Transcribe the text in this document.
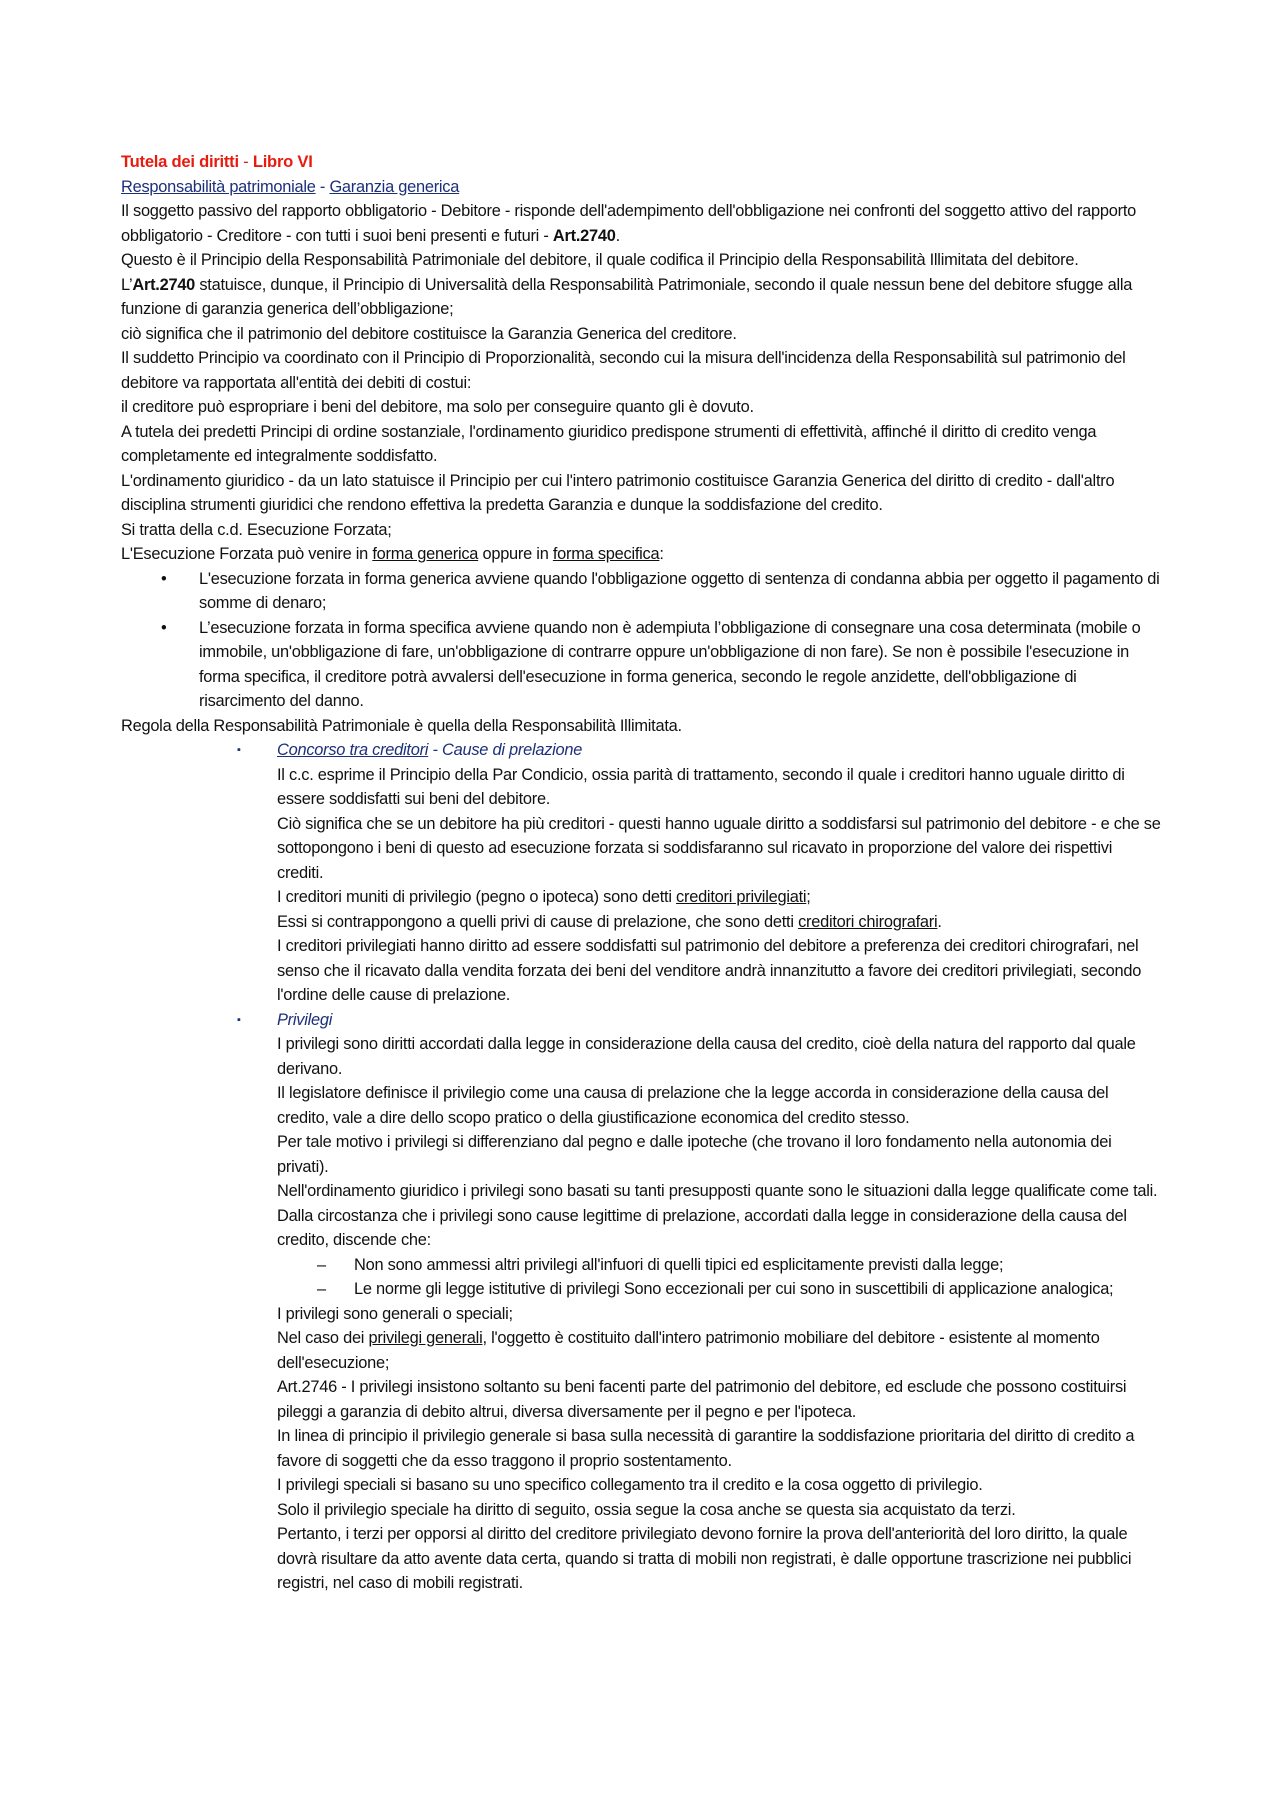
Tutela dei diritti - Libro VI

Responsabilità patrimoniale - Garanzia generica

Il soggetto passivo del rapporto obbligatorio - Debitore - risponde dell'adempimento dell'obbligazione nei confronti del soggetto attivo del rapporto obbligatorio - Creditore - con tutti i suoi beni presenti e futuri - Art.2740.

Questo è il Principio della Responsabilità Patrimoniale del debitore, il quale codifica il Principio della Responsabilità Illimitata del debitore.

L’Art.2740 statuisce, dunque, il Principio di Universalità della Responsabilità Patrimoniale, secondo il quale nessun bene del debitore sfugge alla funzione di garanzia generica dell’obbligazione;

ciò significa che il patrimonio del debitore costituisce la Garanzia Generica del creditore.

Il suddetto Principio va coordinato con il Principio di Proporzionalità, secondo cui la misura dell'incidenza della Responsabilità sul patrimonio del debitore va rapportata all'entità dei debiti di costui:

il creditore può espropriare i beni del debitore, ma solo per conseguire quanto gli è dovuto.

A tutela dei predetti Principi di ordine sostanziale, l'ordinamento giuridico predispone strumenti di effettività, affinché il diritto di credito venga completamente ed integralmente soddisfatto.

L'ordinamento giuridico - da un lato statuisce il Principio per cui l'intero patrimonio costituisce Garanzia Generica del diritto di credito - dall'altro disciplina strumenti giuridici che rendono effettiva la predetta Garanzia e dunque la soddisfazione del credito.

Si tratta della c.d. Esecuzione Forzata;

L'Esecuzione Forzata può venire in forma generica oppure in forma specifica:

• L'esecuzione forzata in forma generica avviene quando l'obbligazione oggetto di sentenza di condanna abbia per oggetto il pagamento di somme di denaro;
• L’esecuzione forzata in forma specifica avviene quando non è adempiuta l’obbligazione di consegnare una cosa determinata (mobile o immobile, un'obbligazione di fare, un'obbligazione di contrarre oppure un'obbligazione di non fare). Se non è possibile l'esecuzione in forma specifica, il creditore potrà avvalersi dell'esecuzione in forma generica, secondo le regole anzidette, dell'obbligazione di risarcimento del danno.

Regola della Responsabilità Patrimoniale è quella della Responsabilità Illimitata.

▪ Concorso tra creditori - Cause di prelazione

Il c.c. esprime il Principio della Par Condicio, ossia parità di trattamento, secondo il quale i creditori hanno uguale diritto di essere soddisfatti sui beni del debitore.

Ciò significa che se un debitore ha più creditori - questi hanno uguale diritto a soddisfarsi sul patrimonio del debitore - e che se sottopongono i beni di questo ad esecuzione forzata si soddisfaranno sul ricavato in proporzione del valore dei rispettivi crediti.

I creditori muniti di privilegio (pegno o ipoteca) sono detti creditori privilegiati;

Essi si contrappongono a quelli privi di cause di prelazione, che sono detti creditori chirografari.

I creditori privilegiati hanno diritto ad essere soddisfatti sul patrimonio del debitore a preferenza dei creditori chirografari, nel senso che il ricavato dalla vendita forzata dei beni del venditore andrà innanzitutto a favore dei creditori privilegiati, secondo l'ordine delle cause di prelazione.

▪ Privilegi

I privilegi sono diritti accordati dalla legge in considerazione della causa del credito, cioè della natura del rapporto dal quale derivano.

Il legislatore definisce il privilegio come una causa di prelazione che la legge accorda in considerazione della causa del credito, vale a dire dello scopo pratico o della giustificazione economica del credito stesso.

Per tale motivo i privilegi si differenziano dal pegno e dalle ipoteche (che trovano il loro fondamento nella autonomia dei privati).

Nell'ordinamento giuridico i privilegi sono basati su tanti presupposti quante sono le situazioni dalla legge qualificate come tali.

Dalla circostanza che i privilegi sono cause legittime di prelazione, accordati dalla legge in considerazione della causa del credito, discende che:

– Non sono ammessi altri privilegi all'infuori di quelli tipici ed esplicitamente previsti dalla legge;
– Le norme gli legge istitutive di privilegi Sono eccezionali per cui sono in suscettibili di applicazione analogica;

I privilegi sono generali o speciali;

Nel caso dei privilegi generali, l'oggetto è costituito dall'intero patrimonio mobiliare del debitore - esistente al momento dell'esecuzione;

Art.2746 - I privilegi insistono soltanto su beni facenti parte del patrimonio del debitore, ed esclude che possono costituirsi pileggi a garanzia di debito altrui, diversa diversamente per il pegno e per l'ipoteca.

In linea di principio il privilegio generale si basa sulla necessità di garantire la soddisfazione prioritaria del diritto di credito a favore di soggetti che da esso traggono il proprio sostentamento.

I privilegi speciali si basano su uno specifico collegamento tra il credito e la cosa oggetto di privilegio.

Solo il privilegio speciale ha diritto di seguito, ossia segue la cosa anche se questa sia acquistato da terzi.

Pertanto, i terzi per opporsi al diritto del creditore privilegiato devono fornire la prova dell'anteriorità del loro diritto, la quale dovrà risultare da atto avente data certa, quando si tratta di mobili non registrati, è dalle opportune trascrizione nei pubblici registri, nel caso di mobili registrati.
